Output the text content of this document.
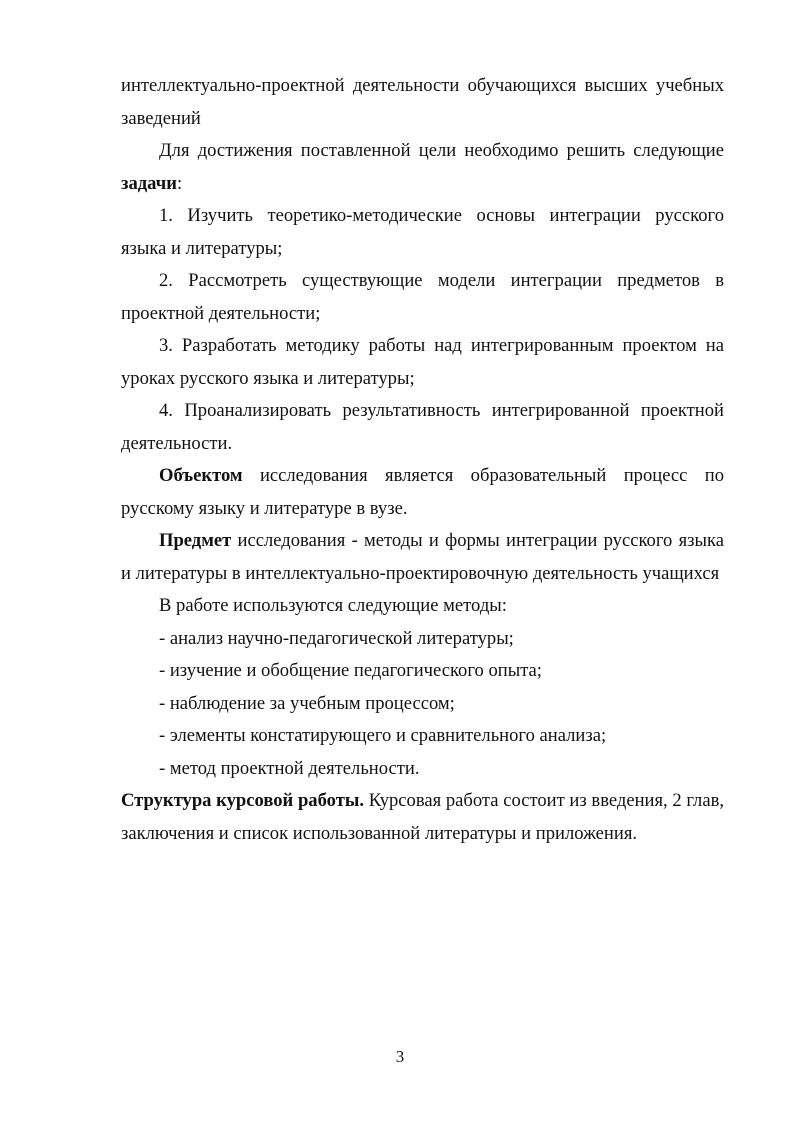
интеллектуально-проектной деятельности обучающихся высших учебных заведений

Для достижения поставленной цели необходимо решить следующие задачи:

1. Изучить теоретико-методические основы интеграции русского языка и литературы;

2. Рассмотреть существующие модели интеграции предметов в проектной деятельности;

3. Разработать методику работы над интегрированным проектом на уроках русского языка и литературы;

4. Проанализировать результативность интегрированной проектной деятельности.

Объектом исследования является образовательный процесс по русскому языку и литературе в вузе.

Предмет исследования - методы и формы интеграции русского языка и литературы в интеллектуально-проектировочную деятельность учащихся

В работе используются следующие методы:

- анализ научно-педагогической литературы;

- изучение и обобщение педагогического опыта;

- наблюдение за учебным процессом;

- элементы констатирующего и сравнительного анализа;

- метод проектной деятельности.

Структура курсовой работы. Курсовая работа состоит из введения, 2 глав, заключения и список использованной литературы и приложения.

3
